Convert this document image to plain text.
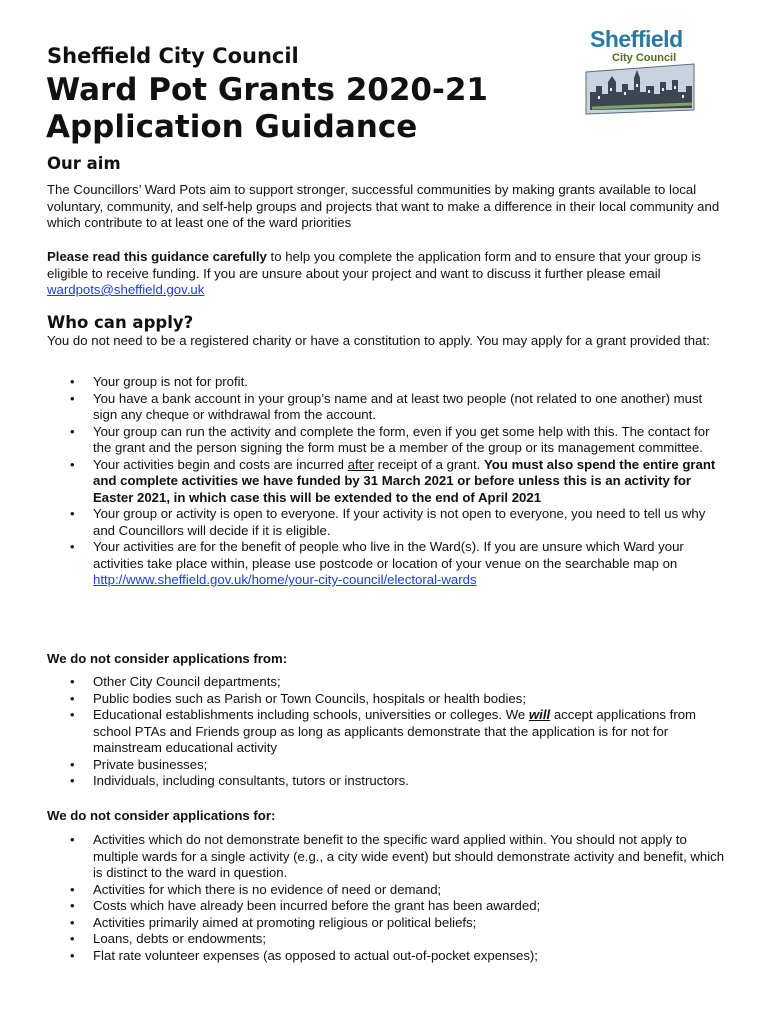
Sheffield City Council
Ward Pot Grants 2020-21
Application Guidance
Sheffield
City Council
Our aim

The Councillors’ Ward Pots aim to support stronger, successful communities by making grants available to local voluntary, community, and self-help groups and projects that want to make a difference in their local community and which contribute to at least one of the ward priorities

Please read this guidance carefully to help you complete the application form and to ensure that your group is eligible to receive funding. If you are unsure about your project and want to discuss it further please email wardpots@sheffield.gov.uk

Who can apply?

You do not need to be a registered charity or have a constitution to apply. You may apply for a grant provided that:

• Your group is not for profit.
• You have a bank account in your group’s name and at least two people (not related to one another) must sign any cheque or withdrawal from the account.
• Your group can run the activity and complete the form, even if you get some help with this. The contact for the grant and the person signing the form must be a member of the group or its management committee.
• Your activities begin and costs are incurred after receipt of a grant. You must also spend the entire grant and complete activities we have funded by 31 March 2021 or before unless this is an activity for Easter 2021, in which case this will be extended to the end of April 2021
• Your group or activity is open to everyone. If your activity is not open to everyone, you need to tell us why and Councillors will decide if it is eligible.
• Your activities are for the benefit of people who live in the Ward(s). If you are unsure which Ward your activities take place within, please use postcode or location of your venue on the searchable map on http://www.sheffield.gov.uk/home/your-city-council/electoral-wards
We do not consider applications from:
• Other City Council departments;
• Public bodies such as Parish or Town Councils, hospitals or health bodies;
• Educational establishments including schools, universities or colleges. We will accept applications from school PTAs and Friends group as long as applicants demonstrate that the application is for not for mainstream educational activity
• Private businesses;
• Individuals, including consultants, tutors or instructors.
We do not consider applications for:
• Activities which do not demonstrate benefit to the specific ward applied within. You should not apply to multiple wards for a single activity (e.g., a city wide event) but should demonstrate activity and benefit, which is distinct to the ward in question.
• Activities for which there is no evidence of need or demand;
• Costs which have already been incurred before the grant has been awarded;
• Activities primarily aimed at promoting religious or political beliefs;
• Loans, debts or endowments;
• Flat rate volunteer expenses (as opposed to actual out-of-pocket expenses);
